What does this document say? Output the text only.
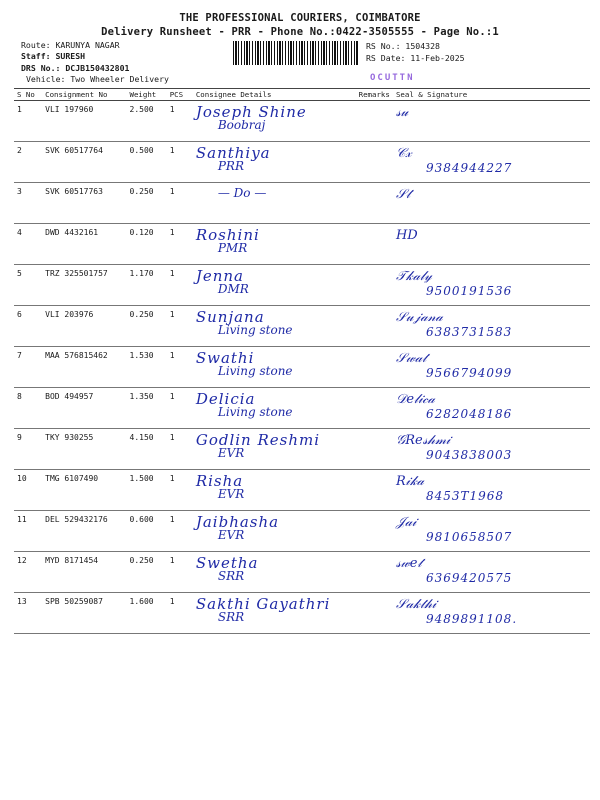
THE PROFESSIONAL COURIERS, COIMBATORE
Delivery Runsheet - PRR - Phone No.:0422-3505555 - Page No.:1
Route: KARUNYA NAGAR
Staff: SURESH
DRS No.: DCJB150432801
Vehicle: Two Wheeler Delivery
RS No.: 1504328
RS Date: 11-Feb-2025
OCUTTN
S No	Consignment No	Weight	PCS	Consignee Details	Remarks	Seal & Signature
1	VLI 197960	2.500	1	Joseph Shine
Boobraj		𝓈𝓊

2	SVK 60517764	0.500	1	Santhiya
PRR		𝒞𝓍
9384944227

3	SVK 60517763	0.250	1	— Do —		𝒮𝓉

4	DWD 4432161	0.120	1	Roshini
PMR		HD

5	TRZ 325501757	1.170	1	Jenna
DMR		𝒯𝓀𝒶𝓁𝓎
9500191536

6	VLI 203976	0.250	1	Sunjana
Living stone		𝒮𝓊𝒿𝒶𝓃𝒶
6383731583

7	MAA 576815462	1.530	1	Swathi
Living stone		𝒮𝓌𝒶𝓉
9566794099

8	BOD 494957	1.350	1	Delicia
Living stone		𝒟𝑒𝓁𝒾𝒸𝒶
6282048186

9	TKY 930255	4.150	1	Godlin Reshmi
EVR		𝒢𝑅𝑒𝓈𝒽𝓂𝒾
9043838003

10	TMG 6107490	1.500	1	Risha
EVR		𝑅𝒾𝓀𝒶
8453T1968

11	DEL 529432176	0.600	1	Jaibhasha
EVR		𝒥𝒶𝒾
9810658507

12	MYD 8171454	0.250	1	Swetha
SRR		𝓈𝓌𝑒𝓉
6369420575

13	SPB 50259087	1.600	1	Sakthi Gayathri
SRR		𝒮𝒶𝓀𝓉𝒽𝒾
9489891108.
